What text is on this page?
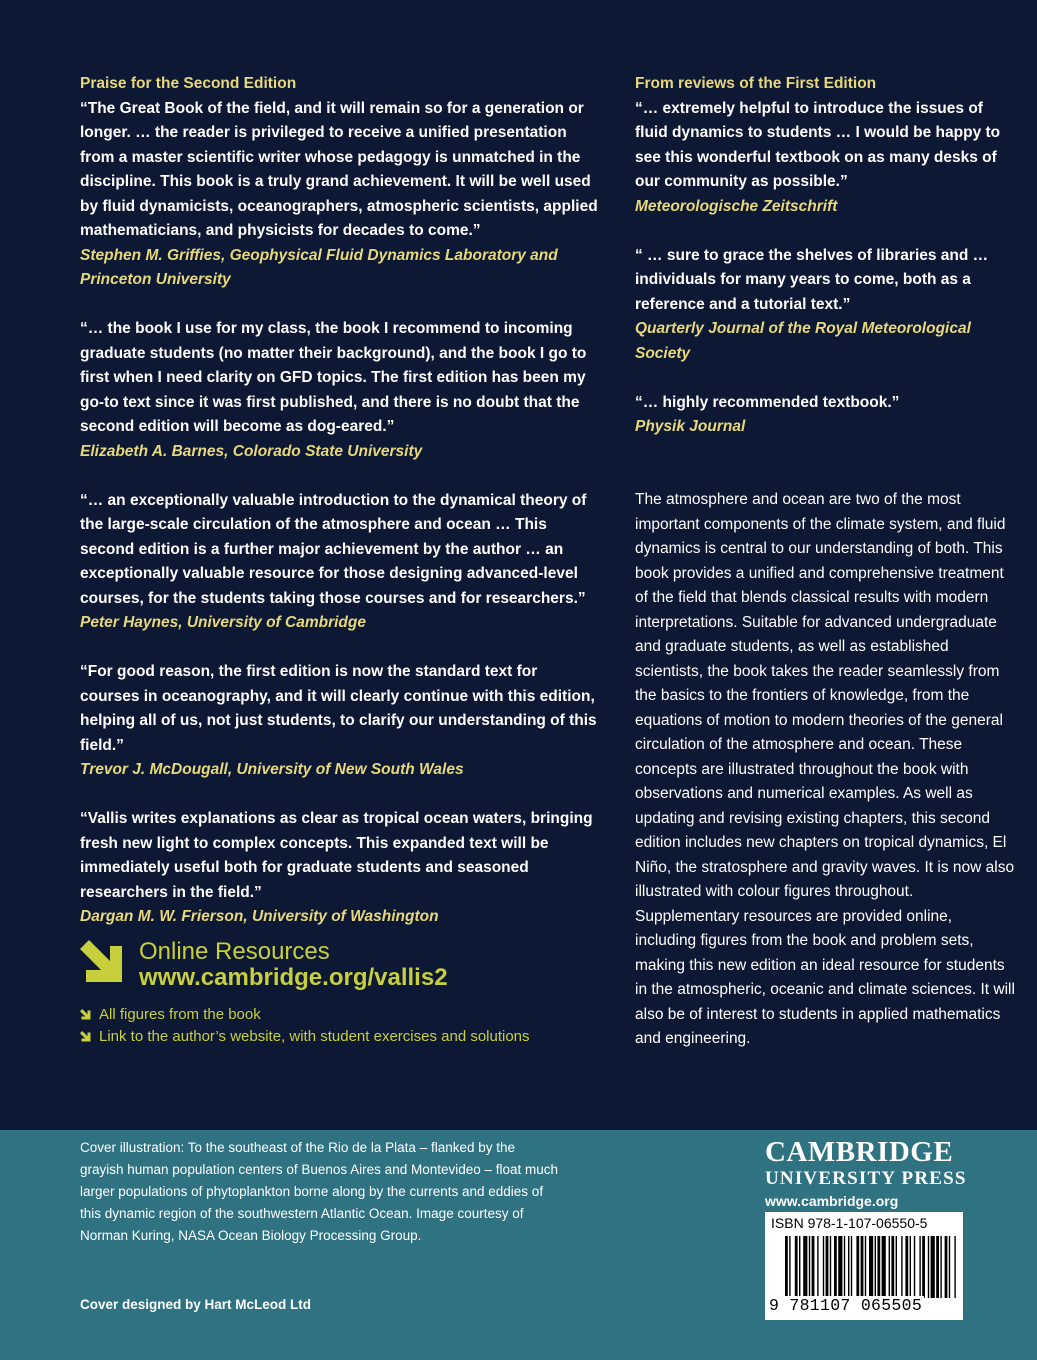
Praise for the Second Edition

“The Great Book of the field, and it will remain so for a generation or longer. … the reader is privileged to receive a unified presentation from a master scientific writer whose pedagogy is unmatched in the discipline. This book is a truly grand achievement. It will be well used by fluid dynamicists, oceanographers, atmospheric scientists, applied mathematicians, and physicists for decades to come.”

Stephen M. Griffies, Geophysical Fluid Dynamics Laboratory and Princeton University

“… the book I use for my class, the book I recommend to incoming graduate students (no matter their background), and the book I go to first when I need clarity on GFD topics. The first edition has been my go-to text since it was first published, and there is no doubt that the second edition will become as dog-eared.”

Elizabeth A. Barnes, Colorado State University

“… an exceptionally valuable introduction to the dynamical theory of the large-scale circulation of the atmosphere and ocean … This second edition is a further major achievement by the author … an exceptionally valuable resource for those designing advanced-level courses, for the students taking those courses and for researchers.”

Peter Haynes, University of Cambridge

“For good reason, the first edition is now the standard text for courses in oceanography, and it will clearly continue with this edition, helping all of us, not just students, to clarify our understanding of this field.”

Trevor J. McDougall, University of New South Wales

“Vallis writes explanations as clear as tropical ocean waters, bringing fresh new light to complex concepts. This expanded text will be immediately useful both for graduate students and seasoned researchers in the field.”

Dargan M. W. Frierson, University of Washington

From reviews of the First Edition

“… extremely helpful to introduce the issues of fluid dynamics to students … I would be happy to see this wonderful textbook on as many desks of our community as possible.”

Meteorologische Zeitschrift

“ … sure to grace the shelves of libraries and … individuals for many years to come, both as a reference and a tutorial text.”

Quarterly Journal of the Royal Meteorological Society

“… highly recommended textbook.”

Physik Journal

The atmosphere and ocean are two of the most important components of the climate system, and fluid dynamics is central to our understanding of both. This book provides a unified and comprehensive treatment of the field that blends classical results with modern interpretations. Suitable for advanced undergraduate and graduate students, as well as established scientists, the book takes the reader seamlessly from the basics to the frontiers of knowledge, from the equations of motion to modern theories of the general circulation of the atmosphere and ocean. These concepts are illustrated throughout the book with observations and numerical examples. As well as updating and revising existing chapters, this second edition includes new chapters on tropical dynamics, El Niño, the stratosphere and gravity waves. It is now also illustrated with colour figures throughout. Supplementary resources are provided online, including figures from the book and problem sets, making this new edition an ideal resource for students in the atmospheric, oceanic and climate sciences. It will also be of interest to students in applied mathematics and engineering.

Online Resources
www.cambridge.org/vallis2
All figures from the book
Link to the author’s website, with student exercises and solutions

Cover illustration: To the southeast of the Rio de la Plata – flanked by the grayish human population centers of Buenos Aires and Montevideo – float much larger populations of phytoplankton borne along by the currents and eddies of this dynamic region of the southwestern Atlantic Ocean. Image courtesy of Norman Kuring, NASA Ocean Biology Processing Group.

Cover designed by Hart McLeod Ltd

CAMBRIDGE
UNIVERSITY PRESS
www.cambridge.org
ISBN 978-1-107-06550-5
9 781107 065505
